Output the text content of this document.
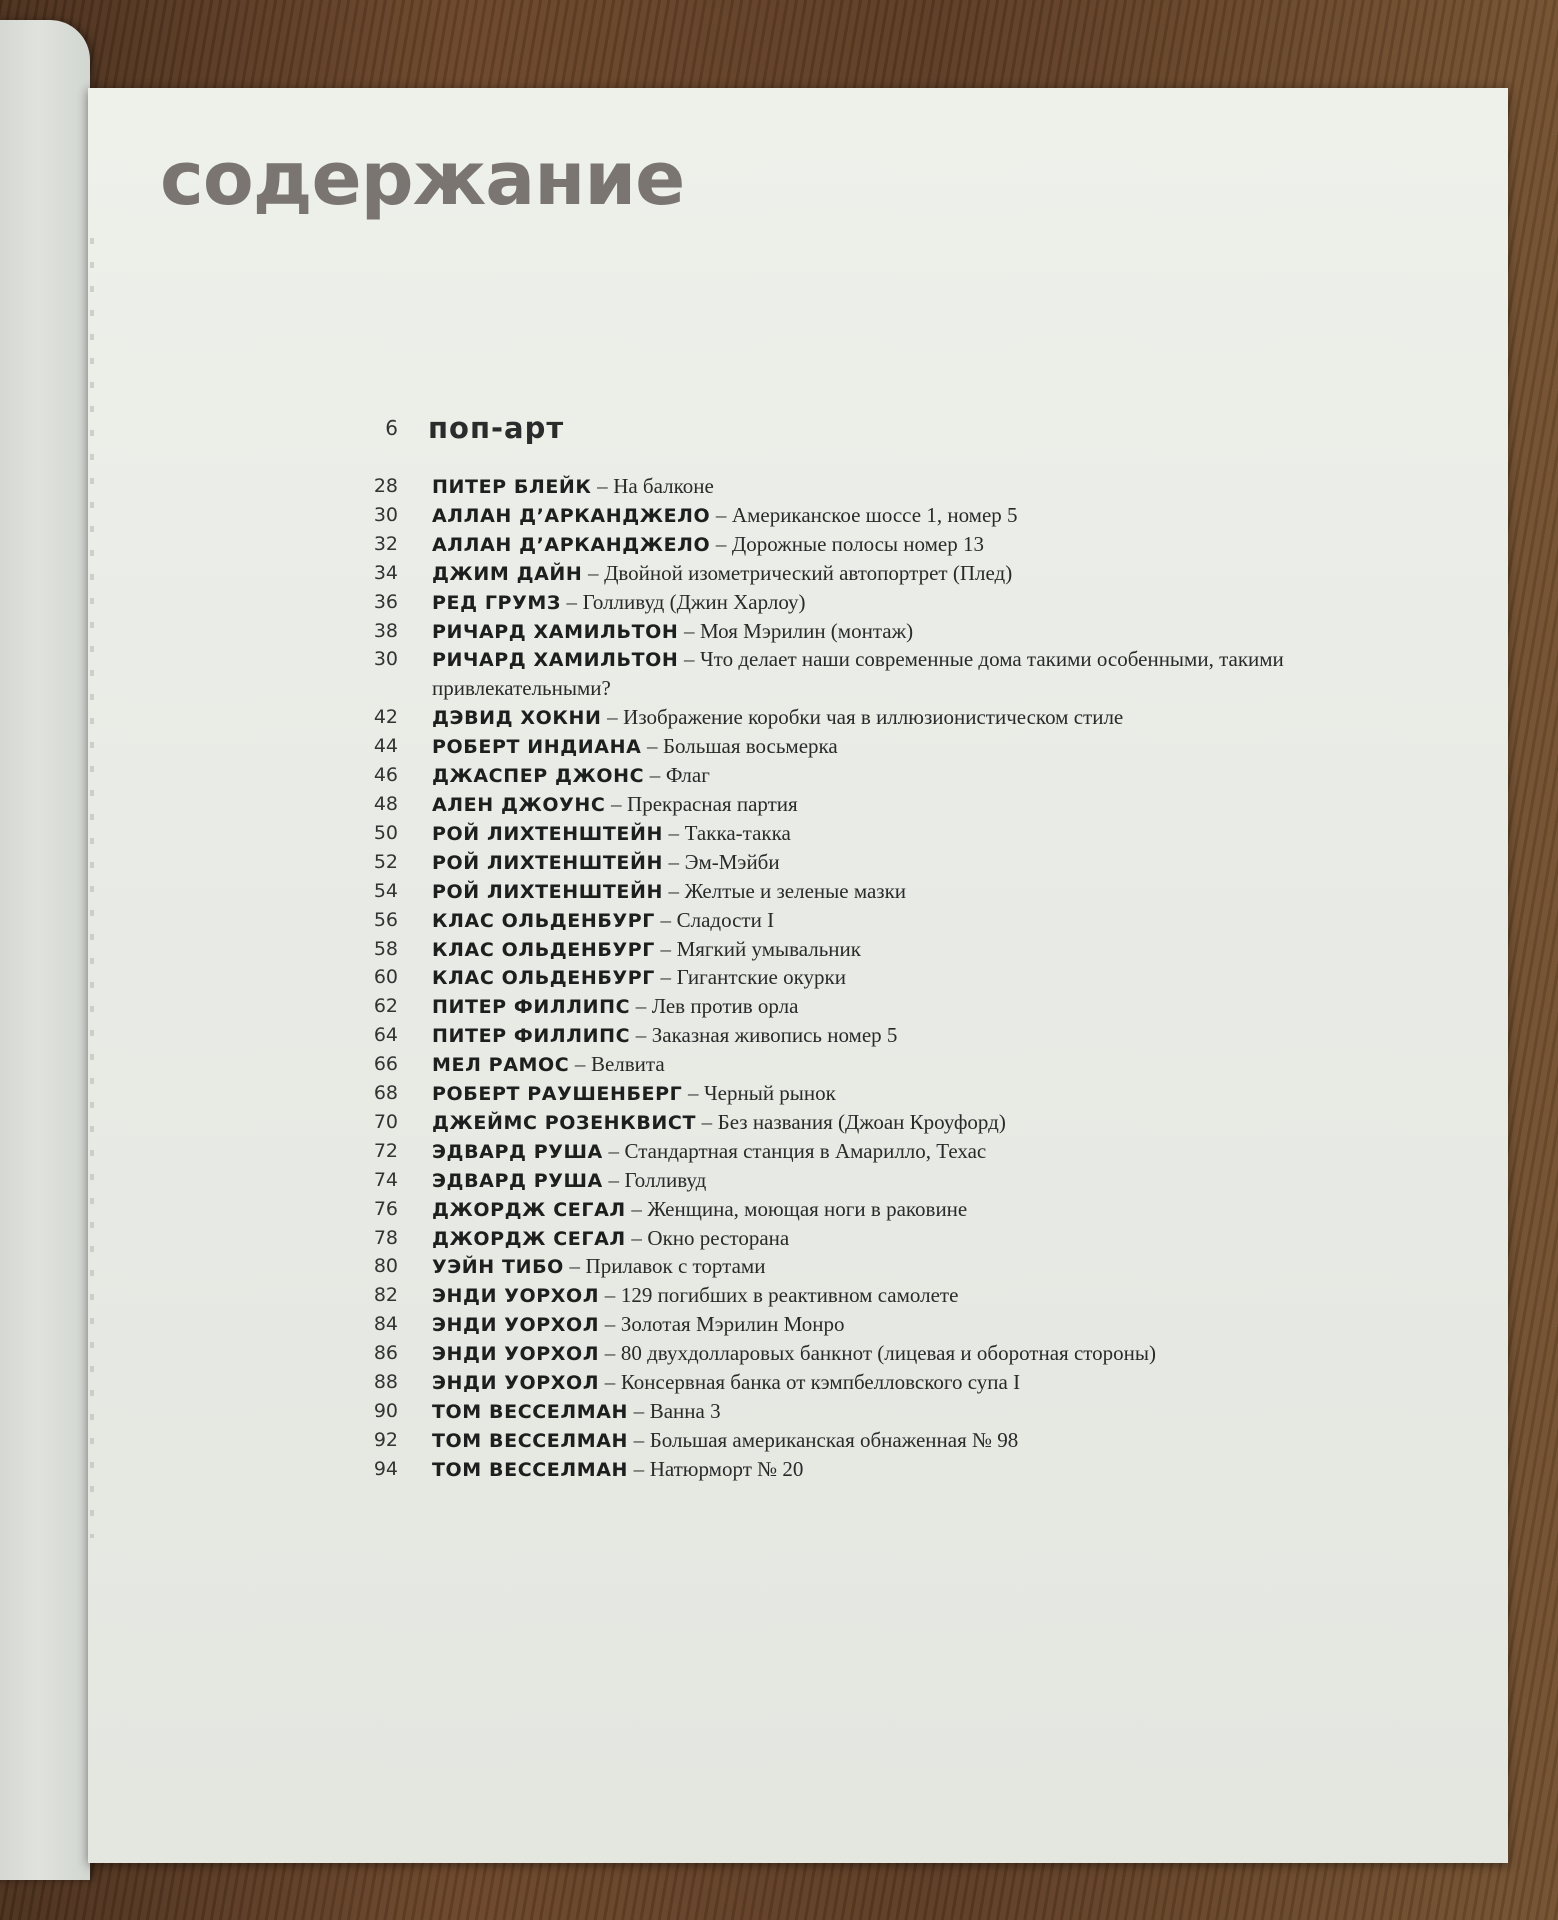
содержание
6 поп-арт
28 ПИТЕР БЛЕЙК – На балконе
30 АЛЛАН Д’АРКАНДЖЕЛО – Американское шоссе 1, номер 5
32 АЛЛАН Д’АРКАНДЖЕЛО – Дорожные полосы номер 13
34 ДЖИМ ДАЙН – Двойной изометрический автопортрет (Плед)
36 РЕД ГРУМЗ – Голливуд (Джин Харлоу)
38 РИЧАРД ХАМИЛЬТОН – Моя Мэрилин (монтаж)
30 РИЧАРД ХАМИЛЬТОН – Что делает наши современные дома такими особенными, такими привлекательными?
42 ДЭВИД ХОКНИ – Изображение коробки чая в иллюзионистическом стиле
44 РОБЕРТ ИНДИАНА – Большая восьмерка
46 ДЖАСПЕР ДЖОНС – Флаг
48 АЛЕН ДЖОУНС – Прекрасная партия
50 РОЙ ЛИХТЕНШТЕЙН – Такка-такка
52 РОЙ ЛИХТЕНШТЕЙН – Эм-Мэйби
54 РОЙ ЛИХТЕНШТЕЙН – Желтые и зеленые мазки
56 КЛАС ОЛЬДЕНБУРГ – Сладости I
58 КЛАС ОЛЬДЕНБУРГ – Мягкий умывальник
60 КЛАС ОЛЬДЕНБУРГ – Гигантские окурки
62 ПИТЕР ФИЛЛИПС – Лев против орла
64 ПИТЕР ФИЛЛИПС – Заказная живопись номер 5
66 МЕЛ РАМОС – Велвита
68 РОБЕРТ РАУШЕНБЕРГ – Черный рынок
70 ДЖЕЙМС РОЗЕНКВИСТ – Без названия (Джоан Кроуфорд)
72 ЭДВАРД РУША – Стандартная станция в Амарилло, Техас
74 ЭДВАРД РУША – Голливуд
76 ДЖОРДЖ СЕГАЛ – Женщина, моющая ноги в раковине
78 ДЖОРДЖ СЕГАЛ – Окно ресторана
80 УЭЙН ТИБО – Прилавок с тортами
82 ЭНДИ УОРХОЛ – 129 погибших в реактивном самолете
84 ЭНДИ УОРХОЛ – Золотая Мэрилин Монро
86 ЭНДИ УОРХОЛ – 80 двухдолларовых банкнот (лицевая и оборотная стороны)
88 ЭНДИ УОРХОЛ – Консервная банка от кэмпбелловского супа I
90 ТОМ ВЕССЕЛМАН – Ванна 3
92 ТОМ ВЕССЕЛМАН – Большая американская обнаженная № 98
94 ТОМ ВЕССЕЛМАН – Натюрморт № 20
